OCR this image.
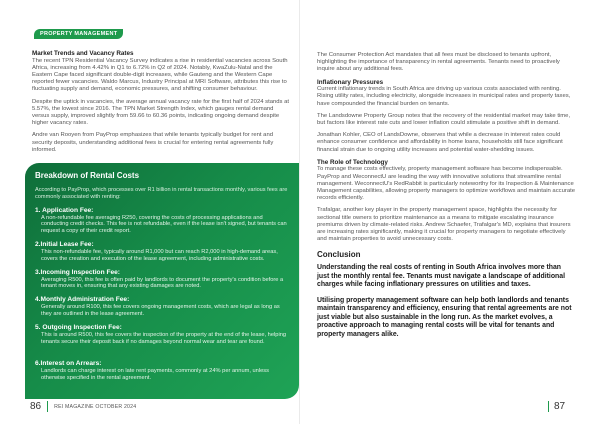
PROPERTY MANAGEMENT
Market Trends and Vacancy Rates

The recent TPN Residential Vacancy Survey indicates a rise in residential vacancies across South Africa, increasing from 4.42% in Q1 to 6.72% in Q2 of 2024. Notably, KwaZulu-Natal and the Eastern Cape faced significant double-digit increases, while Gauteng and the Western Cape reported fewer vacancies. Waldo Marcus, Industry Principal at MRI Software, attributes this rise to fluctuating supply and demand, economic pressures, and shifting consumer behaviour.

Despite the uptick in vacancies, the average annual vacancy rate for the first half of 2024 stands at 5.57%, the lowest since 2016. The TPN Market Strength Index, which gauges rental demand versus supply, improved slightly from 59.66 to 60.36 points, indicating ongoing demand despite higher vacancy rates.

Andre van Rooyen from PayProp emphasizes that while tenants typically budget for rent and security deposits, understanding additional fees is crucial for entering rental agreements fully informed.

Breakdown of Rental Costs

According to PayProp, which processes over R1 billion in rental transactions monthly, various fees are commonly associated with renting:

1. Application Fee:
A non-refundable fee averaging R250, covering the costs of processing applications and conducting credit checks. This fee is not refundable, even if the lease isn't signed, but tenants can request a copy of their credit report.
2.Initial Lease Fee:
This non-refundable fee, typically around R1,000 but can reach R2,000 in high-demand areas, covers the creation and execution of the lease agreement, including administrative costs.
3.Incoming Inspection Fee:
Averaging R500, this fee is often paid by landlords to document the property's condition before a tenant moves in, ensuring that any existing damages are noted.
4.Monthly Administration Fee:
Generally around R100, this fee covers ongoing management costs, which are legal as long as they are outlined in the lease agreement.
5. Outgoing Inspection Fee:
This is around R500, this fee covers the inspection of the property at the end of the lease, helping tenants secure their deposit back if no damages beyond normal wear and tear are found.
6.Interest on Arrears:
Landlords can charge interest on late rent payments, commonly at 24% per annum, unless otherwise specified in the rental agreement.
86	REI MAGAZINE OCTOBER 2024

The Consumer Protection Act mandates that all fees must be disclosed to tenants upfront, highlighting the importance of transparency in rental agreements. Tenants need to proactively inquire about any additional fees.

Inflationary Pressures

Current inflationary trends in South Africa are driving up various costs associated with renting. Rising utility rates, including electricity, alongside increases in municipal rates and property taxes, have compounded the financial burden on tenants.

The Landsdowne Property Group notes that the recovery of the residential market may take time, but factors like interest rate cuts and lower inflation could stimulate a positive shift in demand.

Jonathan Kohler, CEO of LandsDowne, observes that while a decrease in interest rates could enhance consumer confidence and affordability in home loans, households still face significant financial strain due to ongoing utility increases and potential water-shedding issues.

The Role of Technology

To manage these costs effectively, property management software has become indispensable. PayProp and WeconnectU are leading the way with innovative solutions that streamline rental management. WeconnectU's RedRabbit is particularly noteworthy for its Inspection & Maintenance Management capabilities, allowing property managers to optimize workflows and maintain accurate records efficiently.

Trafalgar, another key player in the property management space, highlights the necessity for sectional title owners to prioritize maintenance as a means to mitigate escalating insurance premiums driven by climate-related risks. Andrew Schaefer, Trafalgar's MD, explains that insurers are increasing rates significantly, making it crucial for property managers to negotiate effectively and maintain properties to avoid unnecessary costs.

Conclusion

Understanding the real costs of renting in South Africa involves more than just the monthly rental fee. Tenants must navigate a landscape of additional charges while facing inflationary pressures on utilities and taxes.

Utilising property management software can help both landlords and tenants maintain transparency and efficiency, ensuring that rental agreements are not just viable but also sustainable in the long run. As the market evolves, a proactive approach to managing rental costs will be vital for tenants and property managers alike.

87
